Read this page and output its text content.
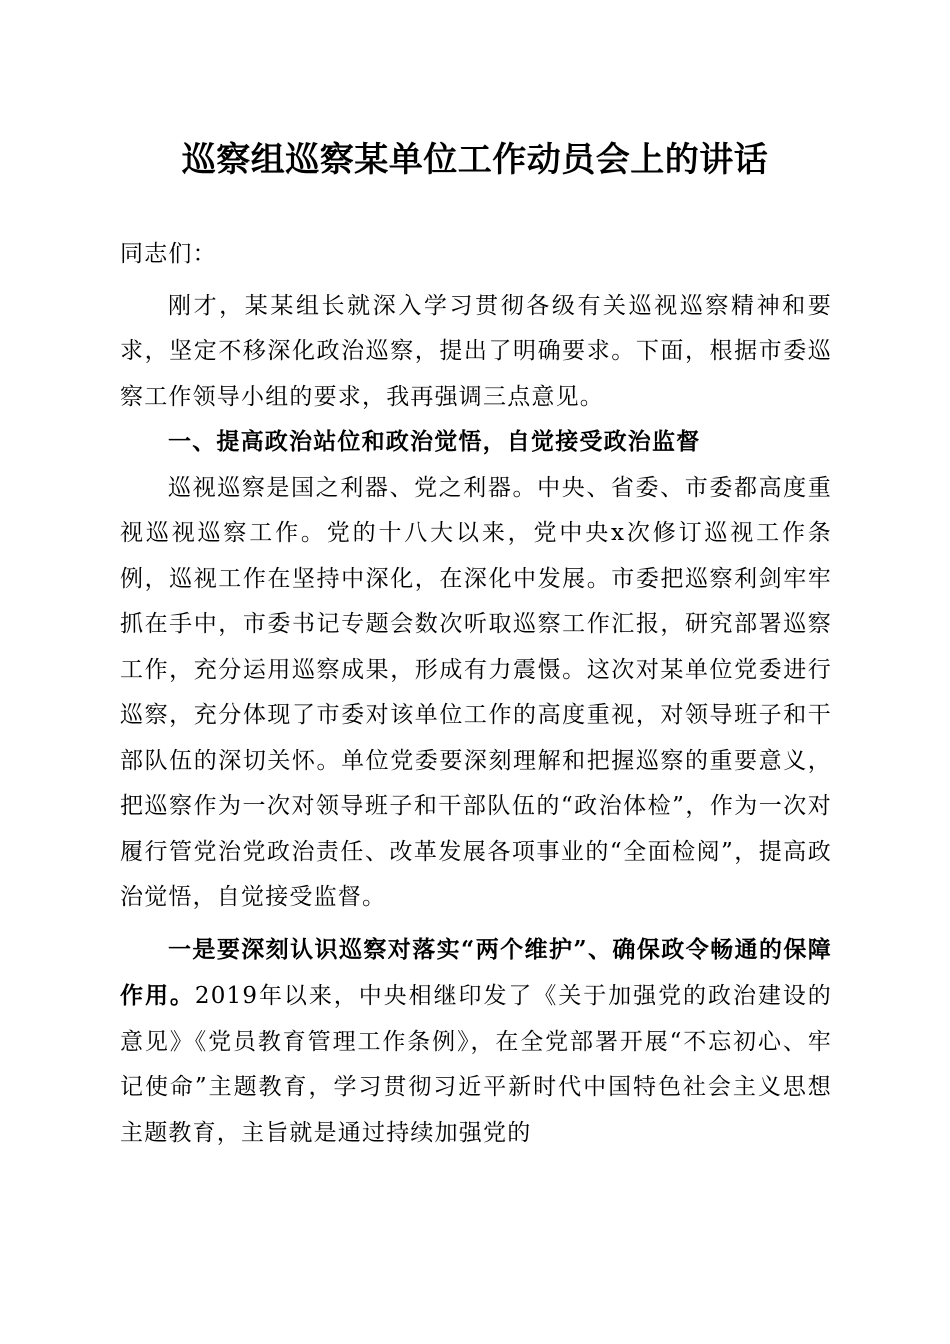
巡察组巡察某单位工作动员会上的讲话

同志们：

刚才，某某组长就深入学习贯彻各级有关巡视巡察精神和要求，坚定不移深化政治巡察，提出了明确要求。下面，根据市委巡察工作领导小组的要求，我再强调三点意见。

一、提高政治站位和政治觉悟，自觉接受政治监督

巡视巡察是国之利器、党之利器。中央、省委、市委都高度重视巡视巡察工作。党的十八大以来，党中央x次修订巡视工作条例，巡视工作在坚持中深化，在深化中发展。市委把巡察利剑牢牢抓在手中，市委书记专题会数次听取巡察工作汇报，研究部署巡察工作，充分运用巡察成果，形成有力震慑。这次对某单位党委进行巡察，充分体现了市委对该单位工作的高度重视，对领导班子和干部队伍的深切关怀。单位党委要深刻理解和把握巡察的重要意义，把巡察作为一次对领导班子和干部队伍的“政治体检”，作为一次对履行管党治党政治责任、改革发展各项事业的“全面检阅”，提高政治觉悟，自觉接受监督。

一是要深刻认识巡察对落实“两个维护”、确保政令畅通的保障作用。2019年以来，中央相继印发了《关于加强党的政治建设的意见》《党员教育管理工作条例》，在全党部署开展“不忘初心、牢记使命”主题教育，学习贯彻习近平新时代中国特色社会主义思想主题教育，主旨就是通过持续加强党的
